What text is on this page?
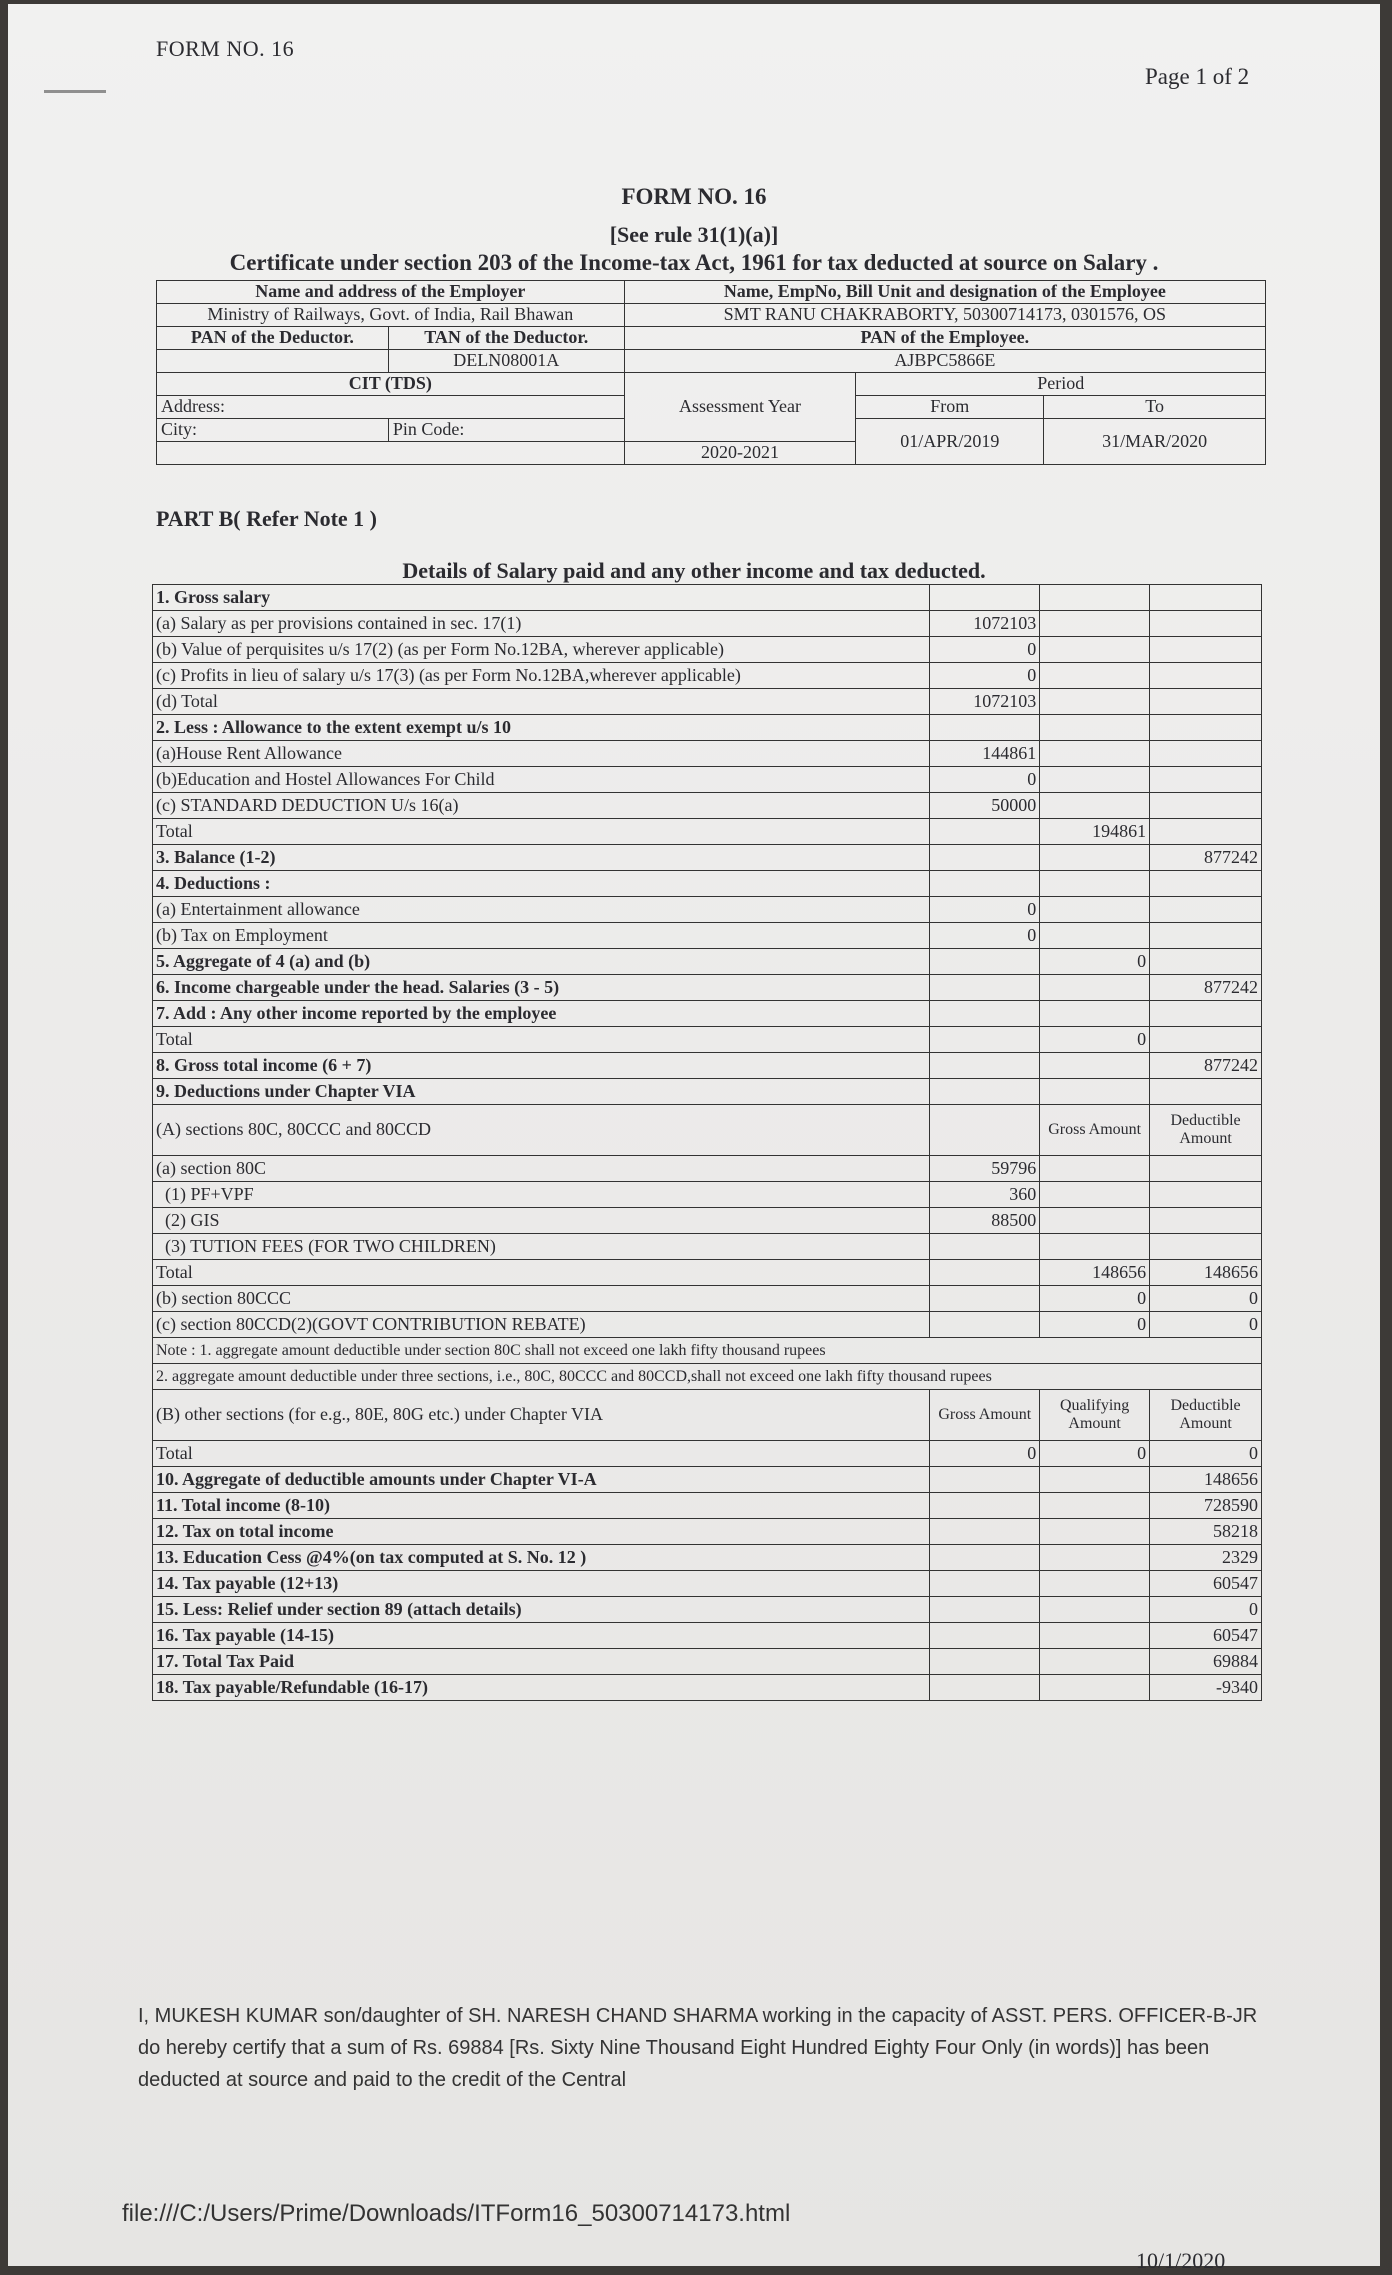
FORM NO. 16
Page 1 of 2
FORM NO. 16
[See rule 31(1)(a)]
Certificate under section 203 of the Income-tax Act, 1961 for tax deducted at source on Salary .
Name and address of the Employer		Name, EmpNo, Bill Unit and designation of the Employee		
Ministry of Railways, Govt. of India, Rail Bhawan		SMT RANU CHAKRABORTY, 50300714173, 0301576, OS		
PAN of the Deductor.	TAN of the Deductor.	PAN of the Employee.		
	DELN08001A	AJBPC5866E		
CIT (TDS)		Assessment Year	Period	
Address:			From	To
City:	Pin Code:		01/APR/2019	31/MAR/2020
		2020-2021		
PART B( Refer Note 1 )
Details of Salary paid and any other income and tax deducted.
1. Gross salary			
(a) Salary as per provisions contained in sec. 17(1)	1072103		
(b) Value of perquisites u/s 17(2) (as per Form No.12BA, wherever applicable)	0		
(c) Profits in lieu of salary u/s 17(3) (as per Form No.12BA,wherever applicable)	0		
(d) Total	1072103		
2. Less : Allowance to the extent exempt u/s 10			
(a)House Rent Allowance	144861		
(b)Education and Hostel Allowances For Child	0		
(c) STANDARD DEDUCTION U/s 16(a)	50000		
Total		194861	
3. Balance (1-2)			877242
4. Deductions :			
(a) Entertainment allowance	0		
(b) Tax on Employment	0		
5. Aggregate of 4 (a) and (b)		0	
6. Income chargeable under the head. Salaries (3 - 5)			877242
7. Add : Any other income reported by the employee			
Total		0	
8. Gross total income (6 + 7)			877242
9. Deductions under Chapter VIA			
(A) sections 80C, 80CCC and 80CCD		Gross Amount	Deductible Amount
(a) section 80C	59796		
(1) PF+VPF	360		
(2) GIS	88500		
(3) TUTION FEES (FOR TWO CHILDREN)			
Total		148656	148656
(b) section 80CCC		0	0
(c) section 80CCD(2)(GOVT CONTRIBUTION REBATE)		0	0
Note : 1. aggregate amount deductible under section 80C shall not exceed one lakh fifty thousand rupees			
2. aggregate amount deductible under three sections, i.e., 80C, 80CCC and 80CCD,shall not exceed one lakh fifty thousand rupees			
(B) other sections (for e.g., 80E, 80G etc.) under Chapter VIA	Gross Amount	Qualifying Amount	Deductible Amount
Total	0	0	0
10. Aggregate of deductible amounts under Chapter VI-A			148656
11. Total income (8-10)			728590
12. Tax on total income			58218
13. Education Cess @4%(on tax computed at S. No. 12 )			2329
14. Tax payable (12+13)			60547
15. Less: Relief under section 89 (attach details)			0
16. Tax payable (14-15)			60547
17. Total Tax Paid			69884
18. Tax payable/Refundable (16-17)			-9340
I, MUKESH KUMAR son/daughter of SH. NARESH CHAND SHARMA working in the capacity of ASST. PERS. OFFICER-B-JR do hereby certify that a sum of Rs. 69884 [Rs. Sixty Nine Thousand Eight Hundred Eighty Four Only (in words)] has been deducted at source and paid to the credit of the Central
file:///C:/Users/Prime/Downloads/ITForm16_50300714173.html
10/1/2020
